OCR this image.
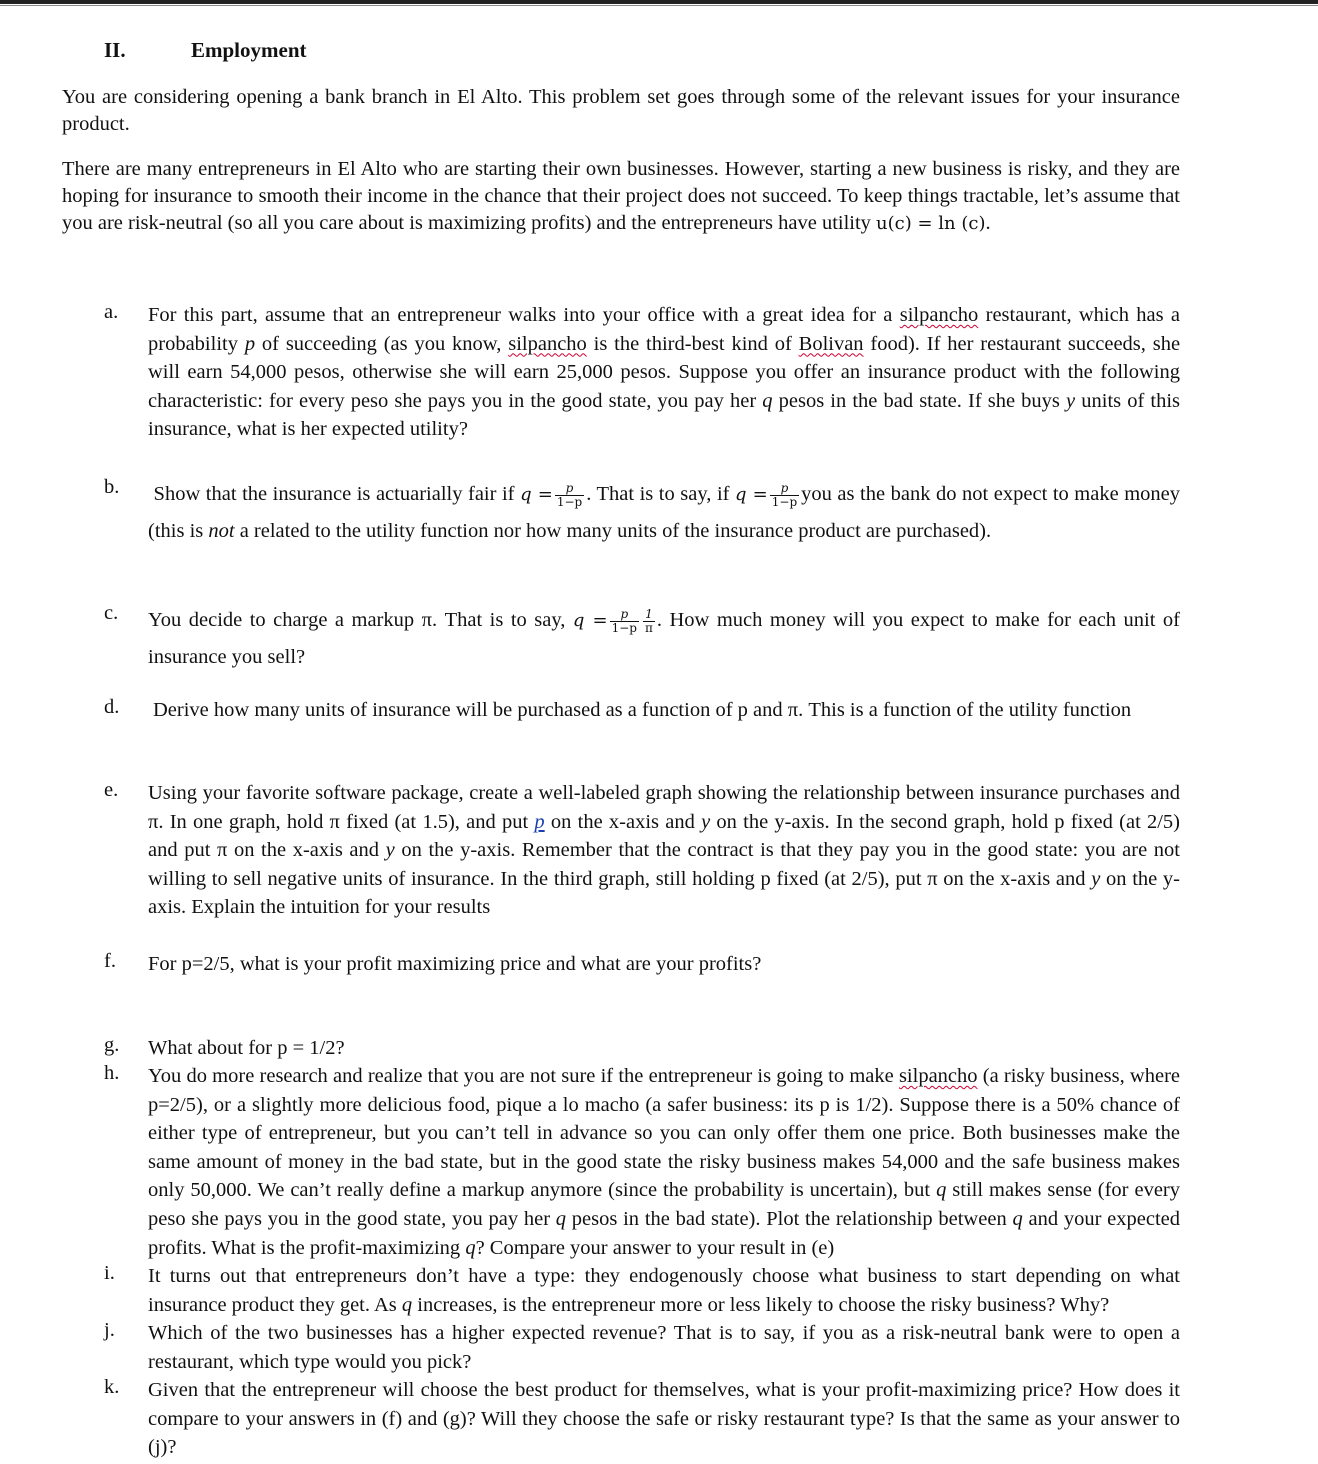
II.	Employment
You are considering opening a bank branch in El Alto. This problem set goes through some of the relevant issues for your insurance product.
There are many entrepreneurs in El Alto who are starting their own businesses. However, starting a new business is risky, and they are hoping for insurance to smooth their income in the chance that their project does not succeed. To keep things tractable, let’s assume that you are risk-neutral (so all you care about is maximizing profits) and the entrepreneurs have utility u(c) = ln (c).
a. For this part, assume that an entrepreneur walks into your office with a great idea for a silpancho restaurant, which has a probability p of succeeding (as you know, silpancho is the third-best kind of Bolivan food). If her restaurant succeeds, she will earn 54,000 pesos, otherwise she will earn 25,000 pesos. Suppose you offer an insurance product with the following characteristic: for every peso she pays you in the good state, you pay her q pesos in the bad state. If she buys y units of this insurance, what is her expected utility?
b. Show that the insurance is actuarially fair if $q = \frac{p}{1-p}$ . That is to say, if $q = \frac{p}{1-p}$ you as the bank do not expect to make money (this is not a related to the utility function nor how many units of the insurance product are purchased).
c. You decide to charge a markup π. That is to say, $q = \frac{p}{1-p} \frac{1}{\pi}$ . How much money will you expect to make for each unit of insurance you sell?
d. Derive how many units of insurance will be purchased as a function of p and π. This is a function of the utility function
e. Using your favorite software package, create a well-labeled graph showing the relationship between insurance purchases and π. In one graph, hold π fixed (at 1.5), and put p on the x-axis and y on the y-axis. In the second graph, hold p fixed (at 2/5) and put π on the x-axis and y on the y-axis. Remember that the contract is that they pay you in the good state: you are not willing to sell negative units of insurance. In the third graph, still holding p fixed (at 2/5), put π on the x-axis and y on the y-axis. Explain the intuition for your results
f. For p=2/5, what is your profit maximizing price and what are your profits?
g. What about for p = 1/2?
h. You do more research and realize that you are not sure if the entrepreneur is going to make silpancho (a risky business, where p=2/5), or a slightly more delicious food, pique a lo macho (a safer business: its p is 1/2). Suppose there is a 50% chance of either type of entrepreneur, but you can’t tell in advance so you can only offer them one price. Both businesses make the same amount of money in the bad state, but in the good state the risky business makes 54,000 and the safe business makes only 50,000. We can’t really define a markup anymore (since the probability is uncertain), but q still makes sense (for every peso she pays you in the good state, you pay her q pesos in the bad state). Plot the relationship between q and your expected profits. What is the profit-maximizing q? Compare your answer to your result in (e)
i. It turns out that entrepreneurs don’t have a type: they endogenously choose what business to start depending on what insurance product they get. As q increases, is the entrepreneur more or less likely to choose the risky business? Why?
j. Which of the two businesses has a higher expected revenue? That is to say, if you as a risk-neutral bank were to open a restaurant, which type would you pick?
k. Given that the entrepreneur will choose the best product for themselves, what is your profit-maximizing price? How does it compare to your answers in (f) and (g)? Will they choose the safe or risky restaurant type? Is that the same as your answer to (j)?
